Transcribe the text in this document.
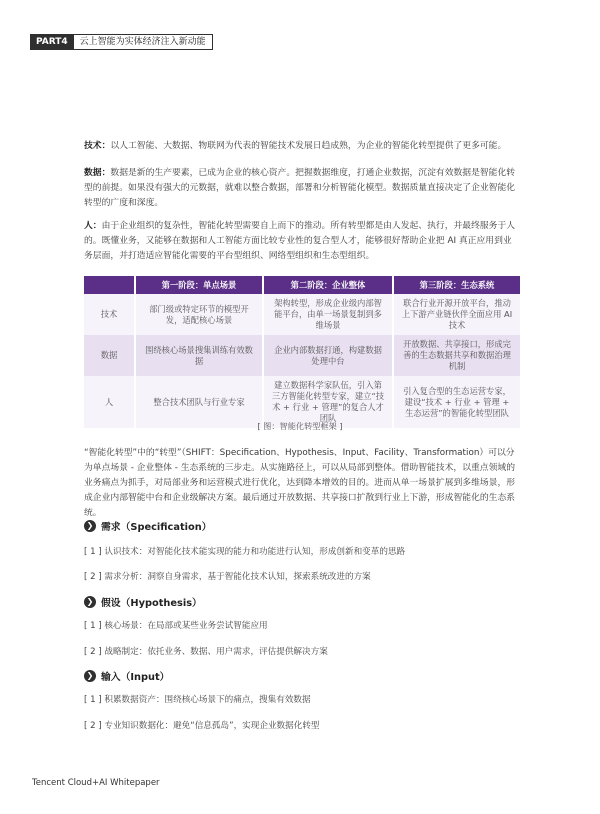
PART4	云上智能为实体经济注入新动能

技术：以人工智能、大数据、物联网为代表的智能技术发展日趋成熟，为企业的智能化转型提供了更多可能。

数据：数据是新的生产要素，已成为企业的核心资产。把握数据维度，打通企业数据，沉淀有效数据是智能化转型的前提。如果没有强大的元数据，就难以整合数据，部署和分析智能化模型。数据质量直接决定了企业智能化转型的广度和深度。

人：由于企业组织的复杂性，智能化转型需要自上而下的推动。所有转型都是由人发起、执行，并最终服务于人的。既懂业务，又能够在数据和人工智能方面比较专业性的复合型人才，能够很好帮助企业把 AI 真正应用到业务层面，并打造适应智能化需要的平台型组织、网络型组织和生态型组织。

	第一阶段：单点场景	第二阶段：企业整体	第三阶段：生态系统
技术	部门级或特定环节的模型开发，适配核心场景	架构转型，形成企业级内部智能平台，由单一场景复制到多维场景	联合行业开源开放平台，推动上下游产业链伙伴全面应用 AI 技术
数据	围绕核心场景搜集训练有效数据	企业内部数据打通，构建数据处理中台	开放数据、共享接口，形成完善的生态数据共享和数据治理机制
人	整合技术团队与行业专家	建立数据科学家队伍，引入第三方智能化转型专家，建立“技术 + 行业 + 管理”的复合人才团队	引入复合型的生态运营专家，建设“技术 + 行业 + 管理 + 生态运营”的智能化转型团队
[ 图：智能化转型框架 ]

“智能化转型”中的“转型”（SHIFT：Specification、Hypothesis、Input、Facility、Transformation）可以分为单点场景 - 企业整体 - 生态系统的三步走。从实施路径上，可以从局部到整体。借助智能技术，以重点领域的业务痛点为抓手，对局部业务和运营模式进行优化，达到降本增效的目的。进而从单一场景扩展到多维场景，形成企业内部智能中台和企业级解决方案。最后通过开放数据、共享接口扩散到行业上下游，形成智能化的生态系统。

❯ 需求（Specification）
[ 1 ] 认识技术：对智能化技术能实现的能力和功能进行认知，形成创新和变革的思路
[ 2 ] 需求分析：洞察自身需求，基于智能化技术认知，探索系统改进的方案
❯ 假设（Hypothesis）
[ 1 ] 核心场景：在局部或某些业务尝试智能应用
[ 2 ] 战略制定：依托业务、数据、用户需求，评估提供解决方案
❯ 输入（Input）
[ 1 ] 积累数据资产：围绕核心场景下的痛点，搜集有效数据
[ 2 ] 专业知识数据化：避免“信息孤岛”，实现企业数据化转型
Tencent Cloud+AI Whitepaper
